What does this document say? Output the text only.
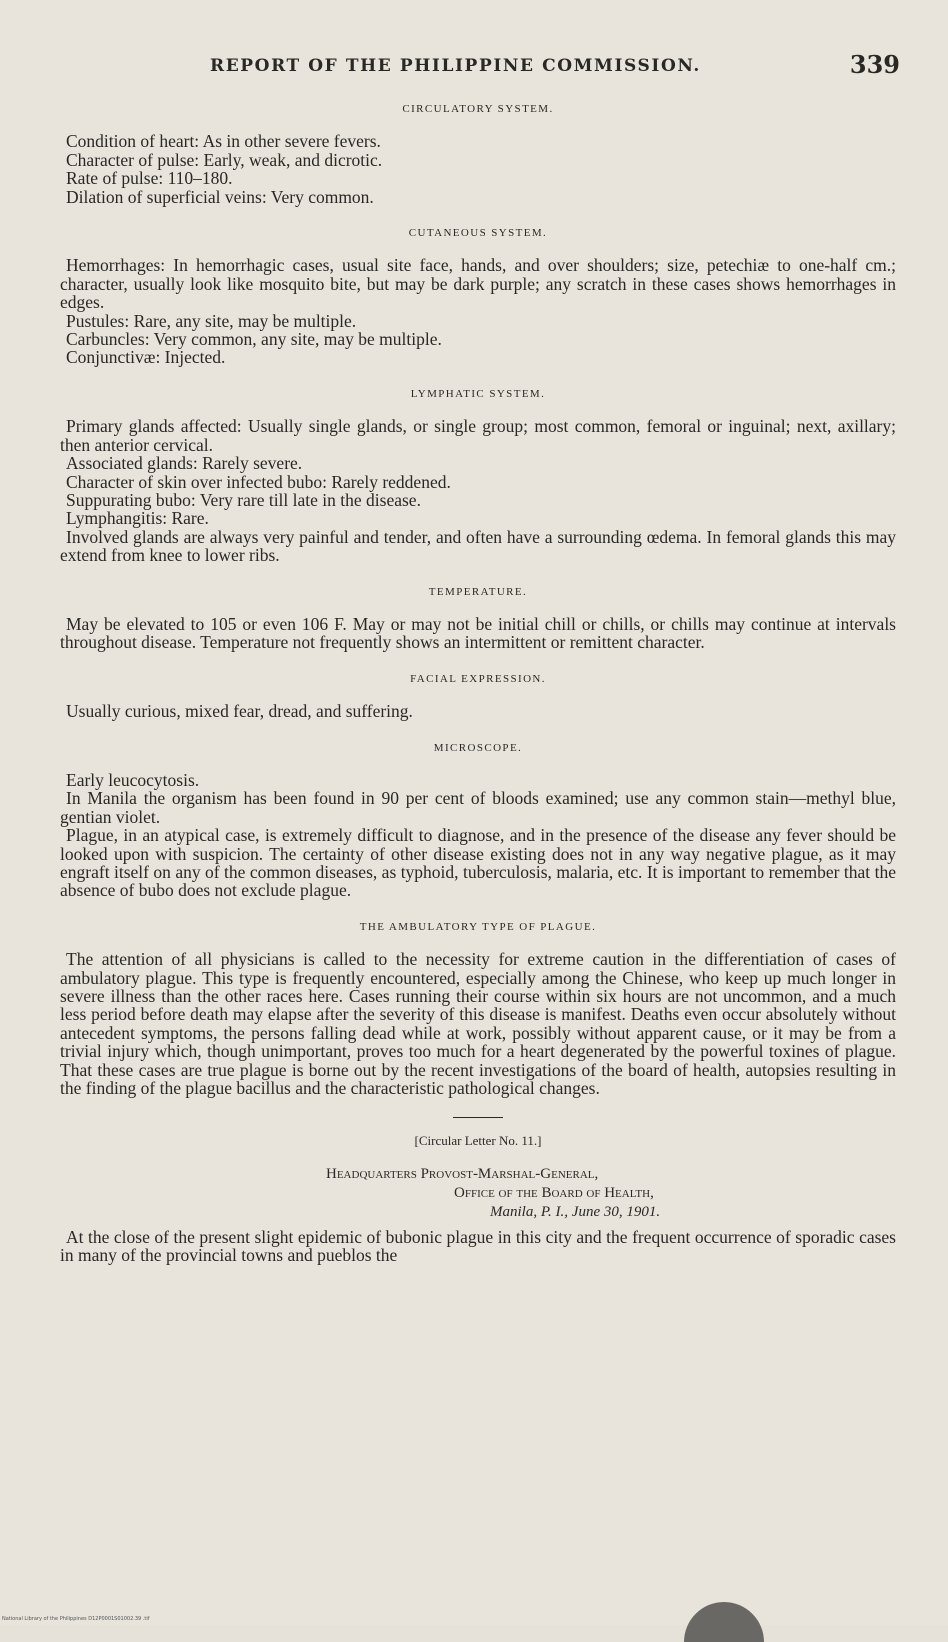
REPORT OF THE PHILIPPINE COMMISSION.	339
CIRCULATORY SYSTEM.
Condition of heart: As in other severe fevers.
Character of pulse: Early, weak, and dicrotic.
Rate of pulse: 110–180.
Dilation of superficial veins: Very common.
CUTANEOUS SYSTEM.

Hemorrhages: In hemorrhagic cases, usual site face, hands, and over shoulders; size, petechiæ to one-half cm.; character, usually look like mosquito bite, but may be dark purple; any scratch in these cases shows hemorrhages in edges.

Pustules: Rare, any site, may be multiple.
Carbuncles: Very common, any site, may be multiple.
Conjunctivæ: Injected.
LYMPHATIC SYSTEM.

Primary glands affected: Usually single glands, or single group; most common, femoral or inguinal; next, axillary; then anterior cervical.

Associated glands: Rarely severe.
Character of skin over infected bubo: Rarely reddened.
Suppurating bubo: Very rare till late in the disease.
Lymphangitis: Rare.

Involved glands are always very painful and tender, and often have a surrounding œdema. In femoral glands this may extend from knee to lower ribs.

TEMPERATURE.

May be elevated to 105 or even 106 F. May or may not be initial chill or chills, or chills may continue at intervals throughout disease. Temperature not frequently shows an intermittent or remittent character.

FACIAL EXPRESSION.

Usually curious, mixed fear, dread, and suffering.

MICROSCOPE.
Early leucocytosis.

In Manila the organism has been found in 90 per cent of bloods examined; use any common stain—methyl blue, gentian violet.

Plague, in an atypical case, is extremely difficult to diagnose, and in the presence of the disease any fever should be looked upon with suspicion. The certainty of other disease existing does not in any way negative plague, as it may engraft itself on any of the common diseases, as typhoid, tuberculosis, malaria, etc. It is important to remember that the absence of bubo does not exclude plague.

THE AMBULATORY TYPE OF PLAGUE.

The attention of all physicians is called to the necessity for extreme caution in the differentiation of cases of ambulatory plague. This type is frequently encountered, especially among the Chinese, who keep up much longer in severe illness than the other races here. Cases running their course within six hours are not uncommon, and a much less period before death may elapse after the severity of this disease is manifest. Deaths even occur absolutely without antecedent symptoms, the persons falling dead while at work, possibly without apparent cause, or it may be from a trivial injury which, though unimportant, proves too much for a heart degenerated by the powerful toxines of plague. That these cases are true plague is borne out by the recent investigations of the board of health, autopsies resulting in the finding of the plague bacillus and the characteristic pathological changes.

[Circular Letter No. 11.]
Headquarters Provost-Marshal-General,
Office of the Board of Health,
Manila, P. I., June 30, 1901.

At the close of the present slight epidemic of bubonic plague in this city and the frequent occurrence of sporadic cases in many of the provincial towns and pueblos the

National Library of the Philippines D12P0001S01002.39 .tif
